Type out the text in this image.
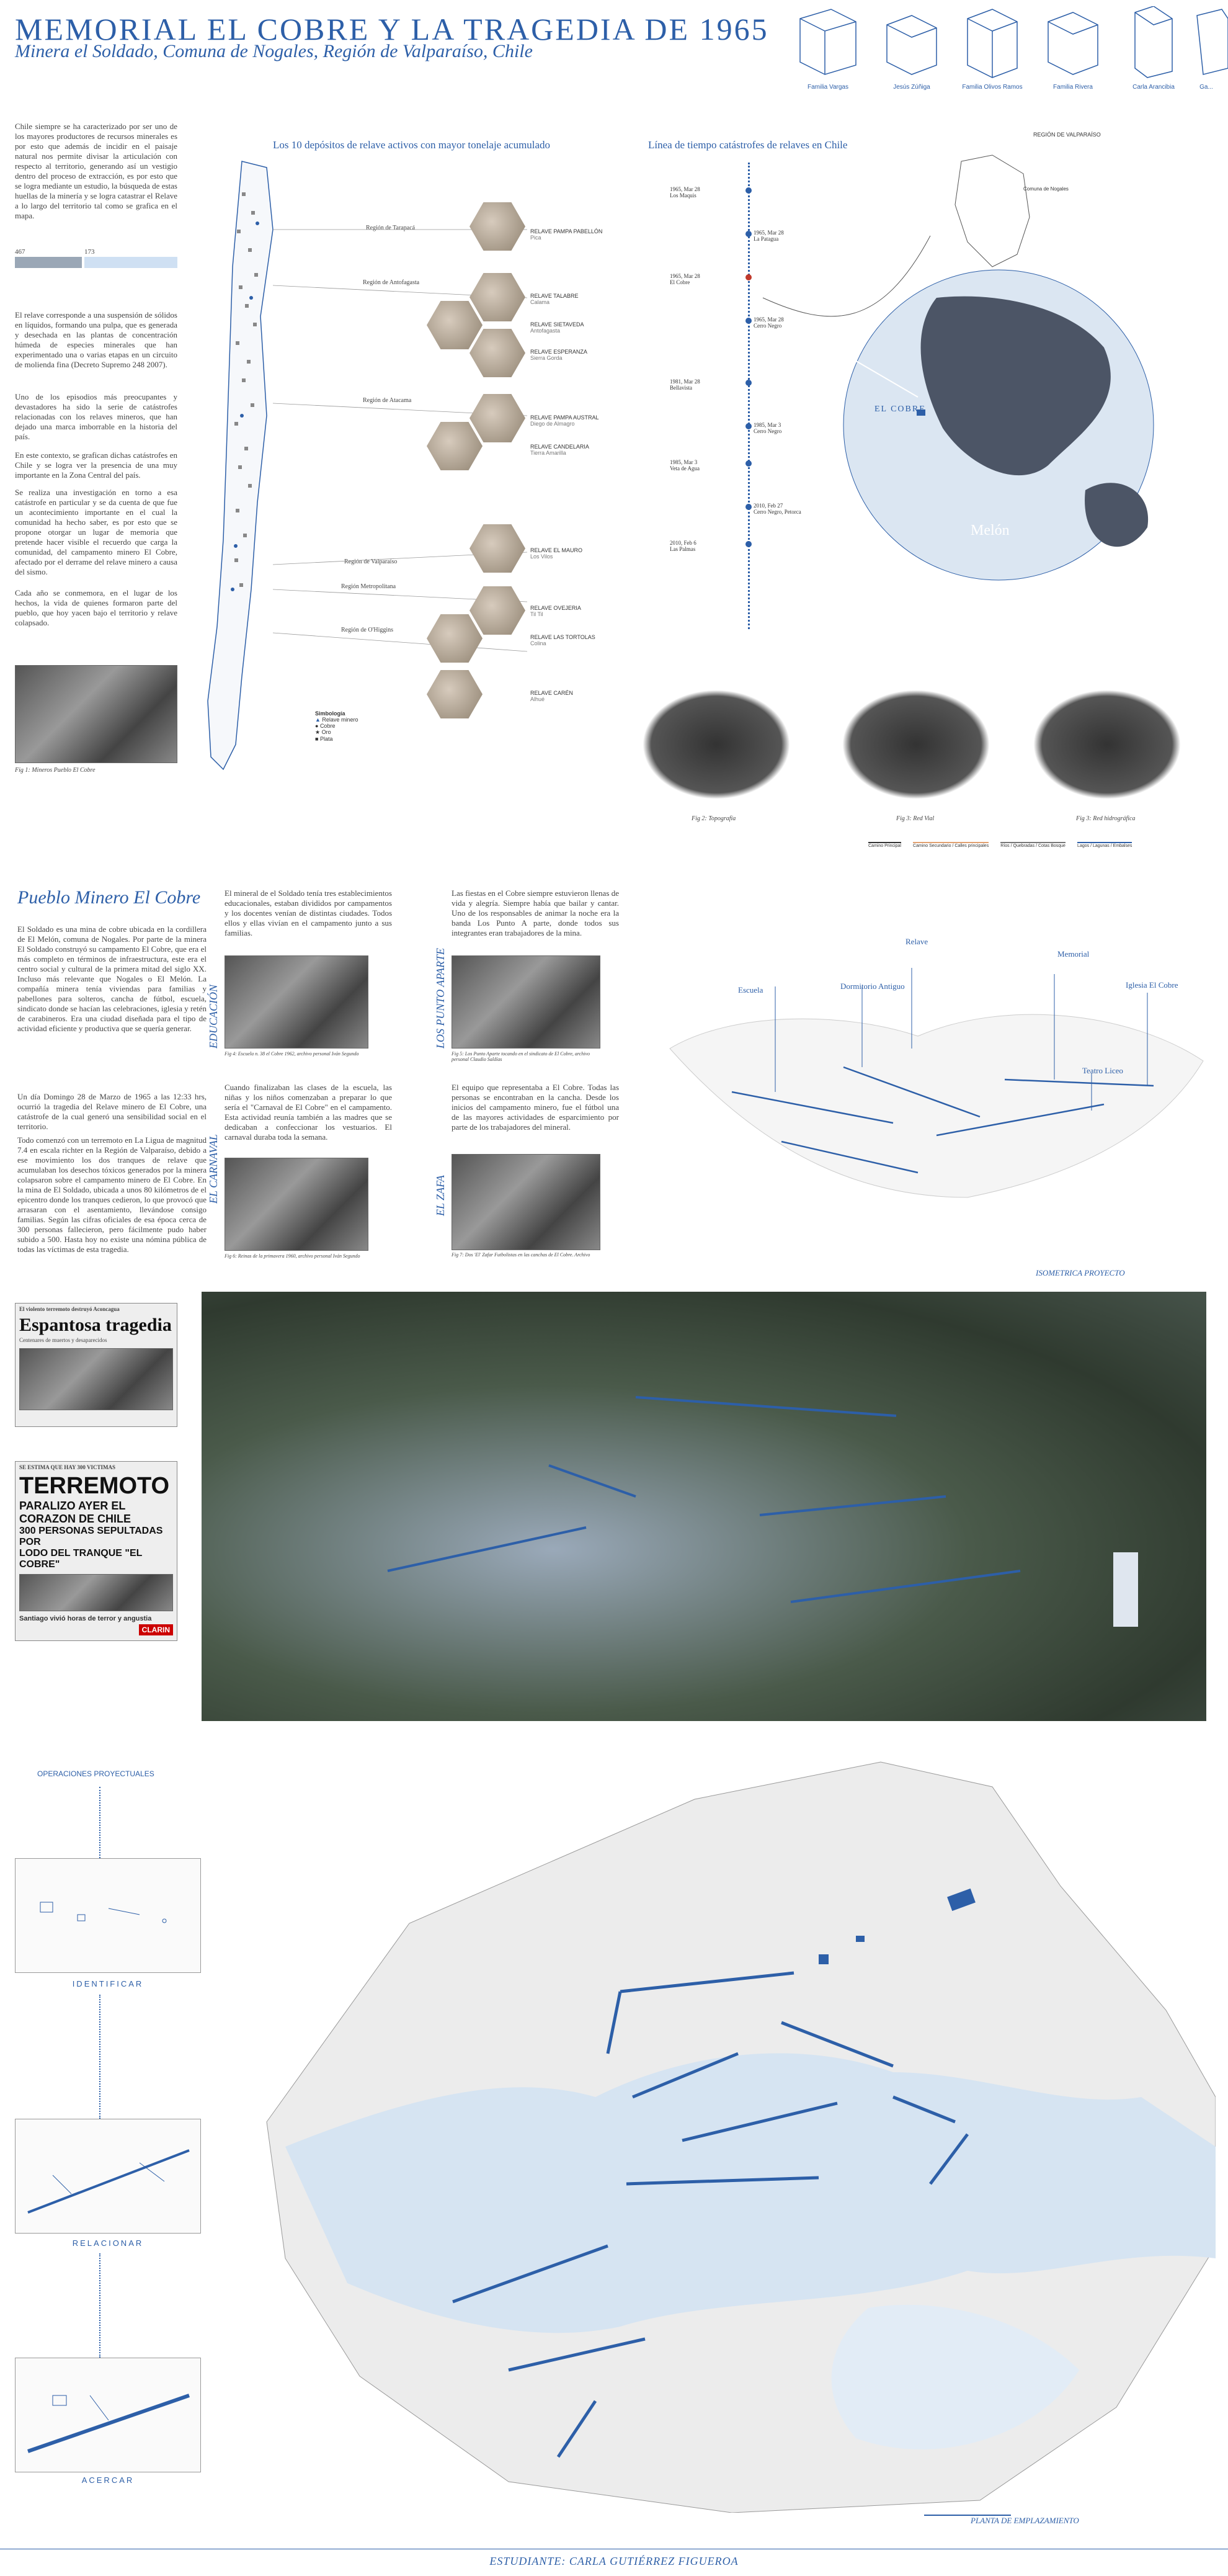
MEMORIAL EL COBRE Y LA TRAGEDIA DE 1965
Minera el Soldado, Comuna de Nogales, Región de Valparaíso, Chile
Familia Vargas	Jesús Zúñiga	Familia Olivos Ramos	Familia Rivera	Carla Arancibia	Ga...
Chile siempre se ha caracterizado por ser uno de los mayores productores de recursos minerales es por esto que además de incidir en el paisaje natural nos permite divisar la articulación con respecto al territorio, generando así un vestigio dentro del proceso de extracción, es por esto que se logra mediante un estudio, la búsqueda de estas huellas de la minería y se logra catastrar el Relave a lo largo del territorio tal como se grafica en el mapa.
467	173
El relave corresponde a una suspensión de sólidos en líquidos, formando una pulpa, que es generada y desechada en las plantas de concentración húmeda de especies minerales que han experimentado una o varias etapas en un circuito de molienda fina (Decreto Supremo 248 2007).
Uno de los episodios más preocupantes y devastadores ha sido la serie de catástrofes relacionadas con los relaves mineros, que han dejado una marca imborrable en la historia del país.
En este contexto, se grafican dichas catástrofes en Chile y se logra ver la presencia de una muy importante en la Zona Central del país.
Se realiza una investigación en torno a esa catástrofe en particular y se da cuenta de que fue un acontecimiento importante en el cual la comunidad ha hecho saber, es por esto que se propone otorgar un lugar de memoria que pretende hacer visible el recuerdo que carga la comunidad, del campamento minero El Cobre, afectado por el derrame del relave minero a causa del sismo.
Cada año se conmemora, en el lugar de los hechos, la vida de quienes formaron parte del pueblo, que hoy yacen bajo el territorio y relave colapsado.
Fig 1: Mineros Pueblo El Cobre
Los 10 depósitos de relave activos con mayor tonelaje acumulado
Región de Tarapacá
Región de Antofagasta
Región de Atacama
Región de Valparaíso
Región Metropolitana
Región de O'Higgins
RELAVE PAMPA PABELLÓN
Pica
RELAVE TALABRE
Calama
RELAVE SIETAVEDA
Antofagasta
RELAVE ESPERANZA
Sierra Gorda
RELAVE PAMPA AUSTRAL
Diego de Almagro
RELAVE CANDELARIA
Tierra Amarilla
RELAVE EL MAURO
Los Vilos
RELAVE OVEJERIA
Til Til
RELAVE LAS TORTOLAS
Colina
RELAVE CARÉN
Alhué
Simbología
▲ Relave minero
● Cobre
★ Oro
■ Plata
Línea de tiempo catástrofes de relaves en Chile
1965, Mar 28
Los Maquis
1965, Mar 28
La Patagua
1965, Mar 28
El Cobre
1965, Mar 28
Cerro Negro
1981, Mar 28
Bellavista
1985, Mar 3
Cerro Negro
1985, Mar 3
Veta de Agua
2010, Feb 27
Cerro Negro, Petorca
2010, Feb 6
Las Palmas
REGIÓN DE VALPARAÍSO
Comuna de Nogales
EL COBRE
Melón
Nogales
Fig 2: Topografía	Fig 3: Red Vial	Fig 3: Red hidrográfica
Camino Principal	Camino Secundario / Calles principales	Ríos / Quebradas / Cotas Bosque	Lagos / Lagunas / Embalses
Pueblo Minero El Cobre
El Soldado es una mina de cobre ubicada en la cordillera de El Melón, comuna de Nogales. Por parte de la minera El Soldado construyó su campamento El Cobre, que era el más completo en términos de infraestructura, este era el centro social y cultural de la primera mitad del siglo XX. Incluso más relevante que Nogales o El Melón. La compañía minera tenía viviendas para familias y pabellones para solteros, cancha de fútbol, escuela, sindicato donde se hacían las celebraciones, iglesia y retén de carabineros. Era una ciudad diseñada para el tipo de actividad eficiente y productiva que se quería generar.
Un día Domingo 28 de Marzo de 1965 a las 12:33 hrs, ocurrió la tragedia del Relave minero de El Cobre, una catástrofe de la cual generó una sensibilidad social en el territorio.
Todo comenzó con un terremoto en La Ligua de magnitud 7.4 en escala richter en la Región de Valparaíso, debido a ese movimiento los dos tranques de relave que acumulaban los desechos tóxicos generados por la minera colapsaron sobre el campamento minero de El Cobre. En la mina de El Soldado, ubicada a unos 80 kilómetros de el epicentro donde los tranques cedieron, lo que provocó que arrasaran con el asentamiento, llevándose consigo familias. Según las cifras oficiales de esa época cerca de 300 personas fallecieron, pero fácilmente pudo haber subido a 500. Hasta hoy no existe una nómina pública de todas las víctimas de esta tragedia.
El mineral de el Soldado tenía tres establecimientos educacionales, estaban divididos por campamentos y los docentes venían de distintas ciudades. Todos ellos y ellas vivían en el campamento junto a sus familias.
EDUCACIÓN
Fig 4: Escuela n. 38 el Cobre 1962, archivo personal Iván Segundo
Cuando finalizaban las clases de la escuela, las niñas y los niños comenzaban a preparar lo que sería el "Carnaval de El Cobre" en el campamento. Esta actividad reunía también a las madres que se dedicaban a confeccionar los vestuarios. El carnaval duraba toda la semana.
EL CARNAVAL
Fig 6: Reinas de la primavera 1960, archivo personal Iván Segundo
Las fiestas en el Cobre siempre estuvieron llenas de vida y alegría. Siempre había que bailar y cantar. Uno de los responsables de animar la noche era la banda Los Punto A parte, donde todos sus integrantes eran trabajadores de la mina.
LOS PUNTO APARTE
Fig 5: Los Punto Aparte tocando en el sindicato de El Cobre, archivo personal Claudio Saldías
El equipo que representaba a El Cobre. Todas las personas se encontraban en la cancha. Desde los inicios del campamento minero, fue el fútbol una de las mayores actividades de esparcimiento por parte de los trabajadores del mineral.
EL ZAFA
Fig 7: Dos 'El' Zafar Futbolistas en las canchas de El Cobre. Archivo
Relave
Escuela	Dormitorio Antiguo
Memorial
Iglesia El Cobre
Teatro Liceo
ISOMETRICA PROYECTO
El violento terremoto destruyó Aconcagua
Espantosa tragedia
Centenares de muertos y desaparecidos
SE ESTIMA QUE HAY 300 VICTIMAS
TERREMOTO
PARALIZO AYER EL
CORAZON DE CHILE
300 PERSONAS SEPULTADAS POR
LODO DEL TRANQUE "EL COBRE"
Santiago vivió horas de terror y angustia
CLARIN
OPERACIONES PROYECTUALES
IDENTIFICAR
RELACIONAR
ACERCAR
PLANTA DE EMPLAZAMIENTO
ESTUDIANTE: CARLA GUTIÉRREZ FIGUEROA
